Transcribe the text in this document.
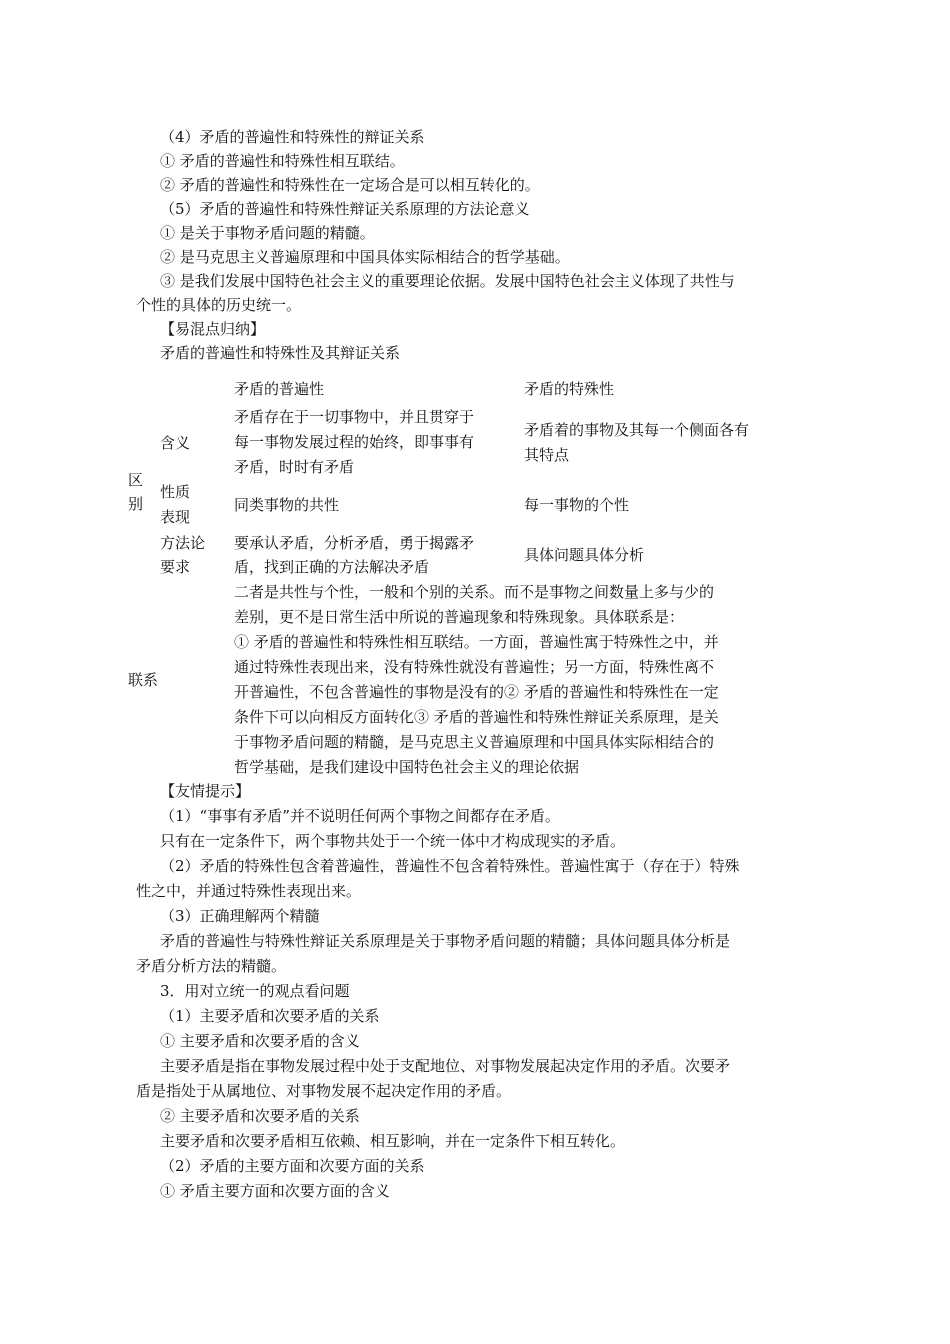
（4）矛盾的普遍性和特殊性的辩证关系
① 矛盾的普遍性和特殊性相互联结。
② 矛盾的普遍性和特殊性在一定场合是可以相互转化的。
（5）矛盾的普遍性和特殊性辩证关系原理的方法论意义
① 是关于事物矛盾问题的精髓。
② 是马克思主义普遍原理和中国具体实际相结合的哲学基础。
③ 是我们发展中国特色社会主义的重要理论依据。发展中国特色社会主义体现了共性与
个性的具体的历史统一。
【易混点归纳】
矛盾的普遍性和特殊性及其辩证关系
矛盾的普遍性	矛盾的特殊性
区
别
含义
矛盾存在于一切事物中，并且贯穿于
每一事物发展过程的始终，即事事有
矛盾，时时有矛盾
矛盾着的事物及其每一个侧面各有
其特点
性质
表现
同类事物的共性	每一事物的个性
方法论
要求
要承认矛盾，分析矛盾，勇于揭露矛
盾，找到正确的方法解决矛盾
具体问题具体分析
联系
二者是共性与个性，一般和个别的关系。而不是事物之间数量上多与少的
差别，更不是日常生活中所说的普遍现象和特殊现象。具体联系是：
① 矛盾的普遍性和特殊性相互联结。一方面，普遍性寓于特殊性之中，并
通过特殊性表现出来，没有特殊性就没有普遍性；另一方面，特殊性离不
开普遍性，不包含普遍性的事物是没有的② 矛盾的普遍性和特殊性在一定
条件下可以向相反方面转化③ 矛盾的普遍性和特殊性辩证关系原理，是关
于事物矛盾问题的精髓，是马克思主义普遍原理和中国具体实际相结合的
哲学基础，是我们建设中国特色社会主义的理论依据
【友情提示】
（1）“事事有矛盾”并不说明任何两个事物之间都存在矛盾。
只有在一定条件下，两个事物共处于一个统一体中才构成现实的矛盾。
（2）矛盾的特殊性包含着普遍性，普遍性不包含着特殊性。普遍性寓于（存在于）特殊
性之中，并通过特殊性表现出来。
（3）正确理解两个精髓
矛盾的普遍性与特殊性辩证关系原理是关于事物矛盾问题的精髓；具体问题具体分析是
矛盾分析方法的精髓。
3．用对立统一的观点看问题
（1）主要矛盾和次要矛盾的关系
① 主要矛盾和次要矛盾的含义
主要矛盾是指在事物发展过程中处于支配地位、对事物发展起决定作用的矛盾。次要矛
盾是指处于从属地位、对事物发展不起决定作用的矛盾。
② 主要矛盾和次要矛盾的关系
主要矛盾和次要矛盾相互依赖、相互影响，并在一定条件下相互转化。
（2）矛盾的主要方面和次要方面的关系
① 矛盾主要方面和次要方面的含义
